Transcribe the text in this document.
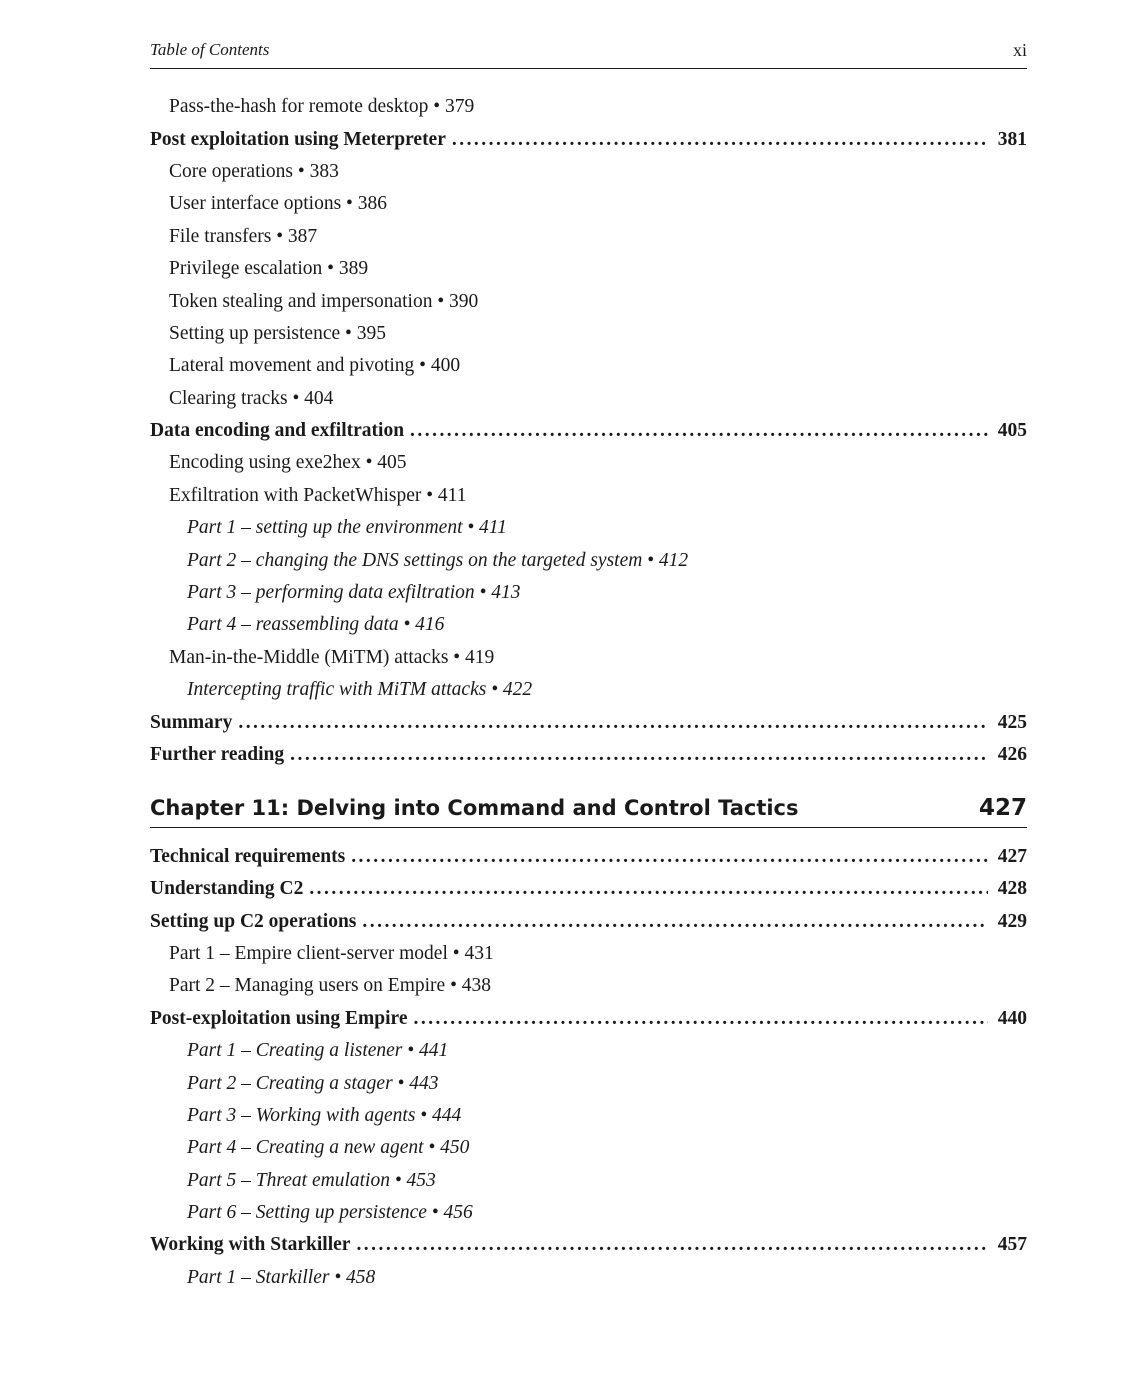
Table of Contents	xi
Pass-the-hash for remote desktop • 379
Post exploitation using Meterpreter . . .	381
Core operations • 383
User interface options • 386
File transfers • 387
Privilege escalation • 389
Token stealing and impersonation • 390
Setting up persistence • 395
Lateral movement and pivoting • 400
Clearing tracks • 404
Data encoding and exfiltration . . .	405
Encoding using exe2hex • 405
Exfiltration with PacketWhisper • 411
Part 1 – setting up the environment • 411
Part 2 – changing the DNS settings on the targeted system • 412
Part 3 – performing data exfiltration • 413
Part 4 – reassembling data • 416
Man-in-the-Middle (MiTM) attacks • 419
Intercepting traffic with MiTM attacks • 422
Summary . . .	425
Further reading . . .	426
Chapter 11: Delving into Command and Control Tactics	427
Technical requirements . . .	427
Understanding C2 . . .	428
Setting up C2 operations . . .	429
Part 1 – Empire client-server model • 431
Part 2 – Managing users on Empire • 438
Post-exploitation using Empire . . .	440
Part 1 – Creating a listener • 441
Part 2 – Creating a stager • 443
Part 3 – Working with agents • 444
Part 4 – Creating a new agent • 450
Part 5 – Threat emulation • 453
Part 6 – Setting up persistence • 456
Working with Starkiller . . .	457
Part 1 – Starkiller • 458
